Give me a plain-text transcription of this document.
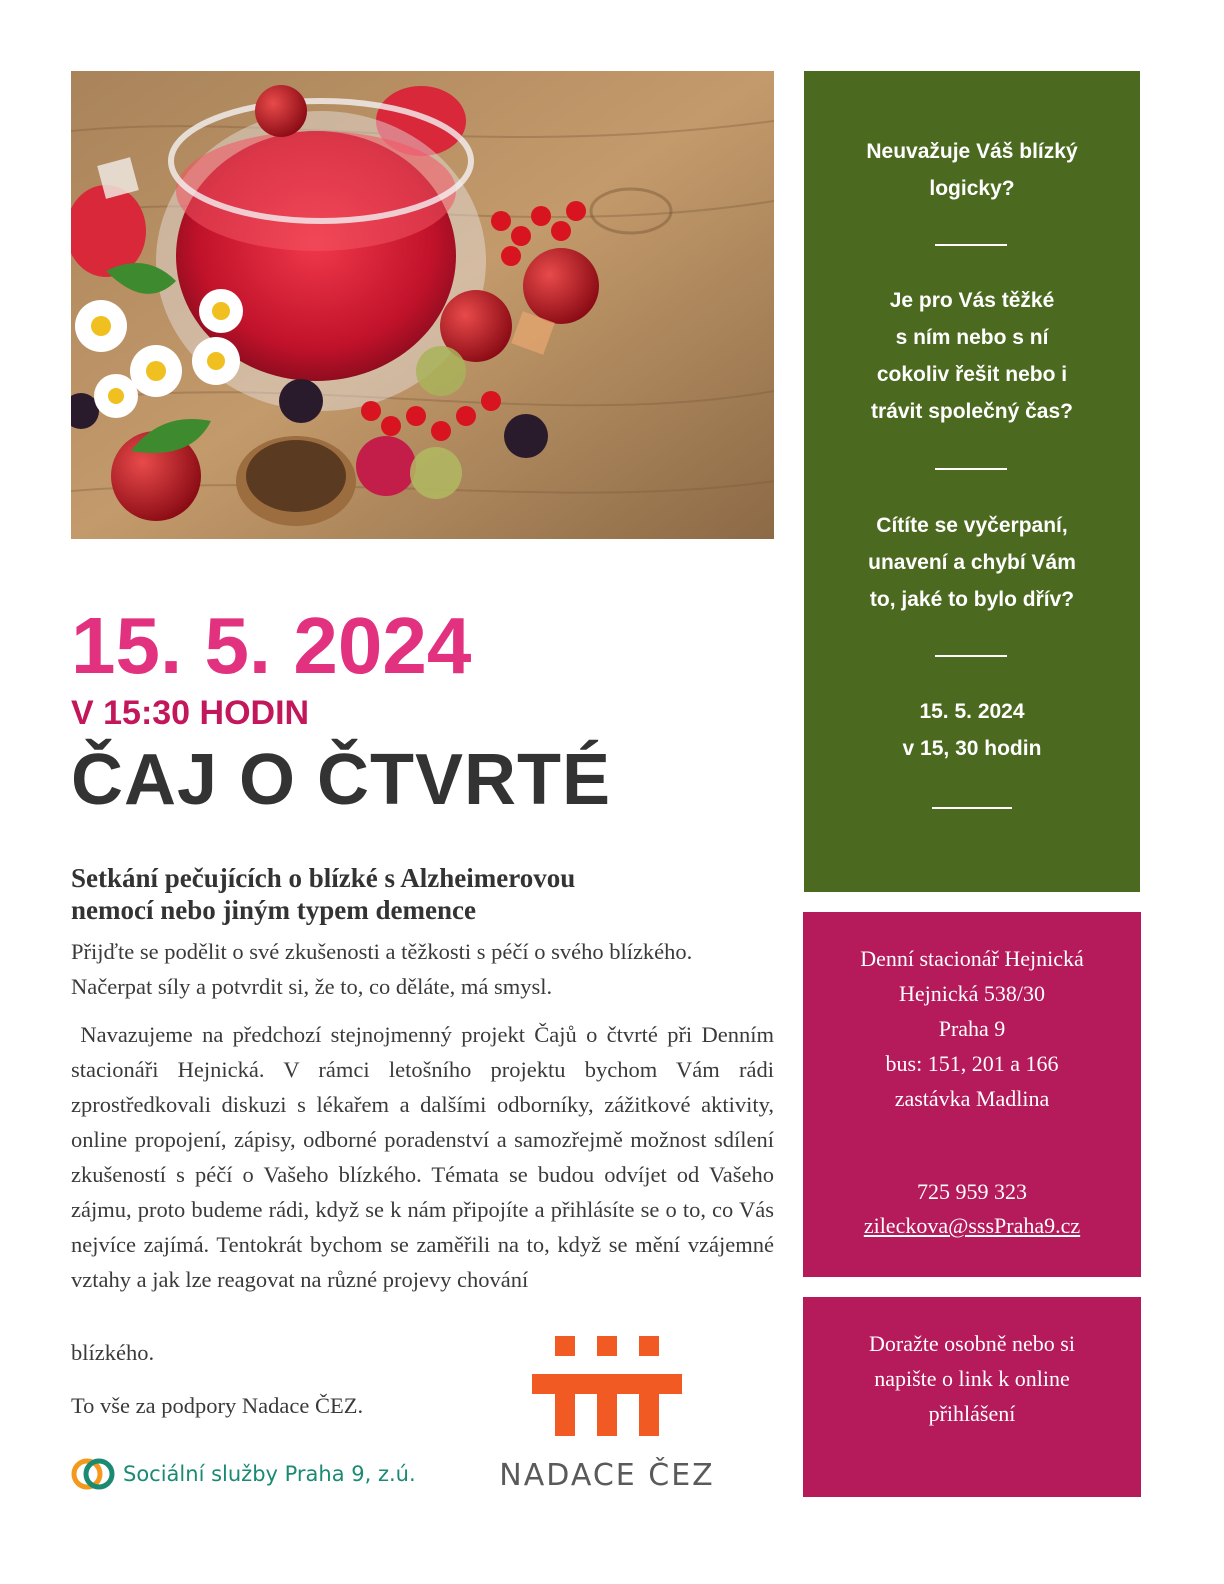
15. 5. 2024
V 15:30 HODIN
ČAJ O ČTVRTÉ
Setkání pečujících o blízké s Alzheimerovou
nemocí nebo jiným typem demence
Přijďte se podělit o své zkušenosti a těžkosti s péčí o svého blízkého.
Načerpat síly a potvrdit si, že to, co děláte, má smysl.
Navazujeme na předchozí stejnojmenný projekt Čajů o čtvrté při Denním stacionáři Hejnická. V rámci letošního projektu bychom Vám rádi zprostředkovali diskuzi s lékařem a dalšími odborníky, zážitkové aktivity, online propojení, zápisy, odborné poradenství a samozřejmě možnost sdílení zkušeností s péčí o Vašeho blízkého. Témata se budou odvíjet od Vašeho zájmu, proto budeme rádi, když se k nám připojíte a přihlásíte se o to, co Vás nejvíce zajímá. Tentokrát bychom se zaměřili na to, když se mění vzájemné vztahy a jak lze reagovat na různé projevy chování
blízkého.
To vše za podpory Nadace ČEZ.
Sociální služby Praha 9, z.ú.	NADACE ČEZ
Neuvažuje Váš blízký
logicky?
Je pro Vás těžké
s ním nebo s ní
cokoliv řešit nebo i
trávit společný čas?
Cítíte se vyčerpaní,
unavení a chybí Vám
to, jaké to bylo dřív?
15. 5. 2024
v 15, 30 hodin
Denní stacionář Hejnická
Hejnická 538/30
Praha 9
bus: 151, 201 a 166
zastávka Madlina
725 959 323
zileckova@sssPraha9.cz
Doražte osobně nebo si
napište o link k online
přihlášení
